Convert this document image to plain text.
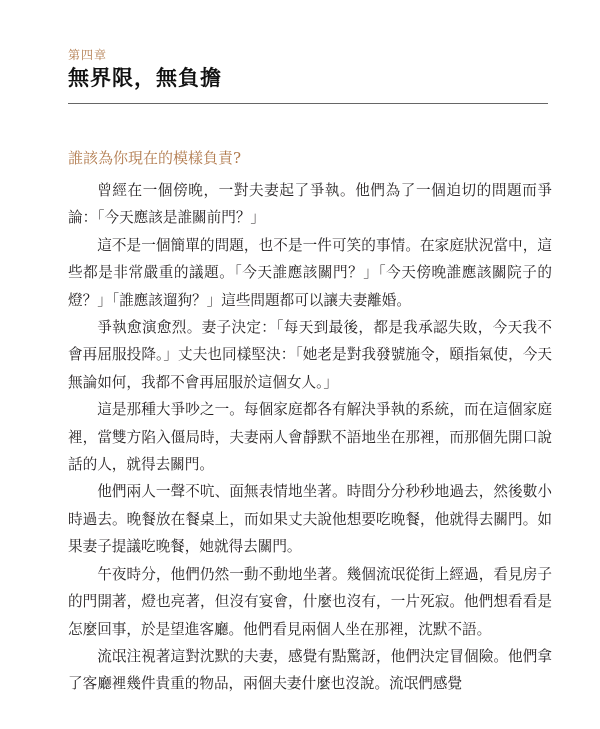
第四章
無界限，無負擔
誰該為你現在的模樣負責?

曾經在一個傍晚，一對夫妻起了爭執。他們為了一個迫切的問題而爭論：「今天應該是誰關前門？」

這不是一個簡單的問題，也不是一件可笑的事情。在家庭狀況當中，這些都是非常嚴重的議題。「今天誰應該關門？」「今天傍晚誰應該關院子的燈？」「誰應該遛狗？」這些問題都可以讓夫妻離婚。

爭執愈演愈烈。妻子決定：「每天到最後，都是我承認失敗，今天我不會再屈服投降。」丈夫也同樣堅決：「她老是對我發號施令，頤指氣使，今天無論如何，我都不會再屈服於這個女人。」

這是那種大爭吵之一。每個家庭都各有解決爭執的系統，而在這個家庭裡，當雙方陷入僵局時，夫妻兩人會靜默不語地坐在那裡，而那個先開口說話的人，就得去關門。

他們兩人一聲不吭、面無表情地坐著。時間分分秒秒地過去，然後數小時過去。晚餐放在餐桌上，而如果丈夫說他想要吃晚餐，他就得去關門。如果妻子提議吃晚餐，她就得去關門。

午夜時分，他們仍然一動不動地坐著。幾個流氓從街上經過，看見房子的門開著，燈也亮著，但沒有宴會，什麼也沒有，一片死寂。他們想看看是怎麼回事，於是望進客廳。他們看見兩個人坐在那裡，沈默不語。

流氓注視著這對沈默的夫妻，感覺有點驚訝，他們決定冒個險。他們拿了客廳裡幾件貴重的物品，兩個夫妻什麼也沒說。流氓們感覺
